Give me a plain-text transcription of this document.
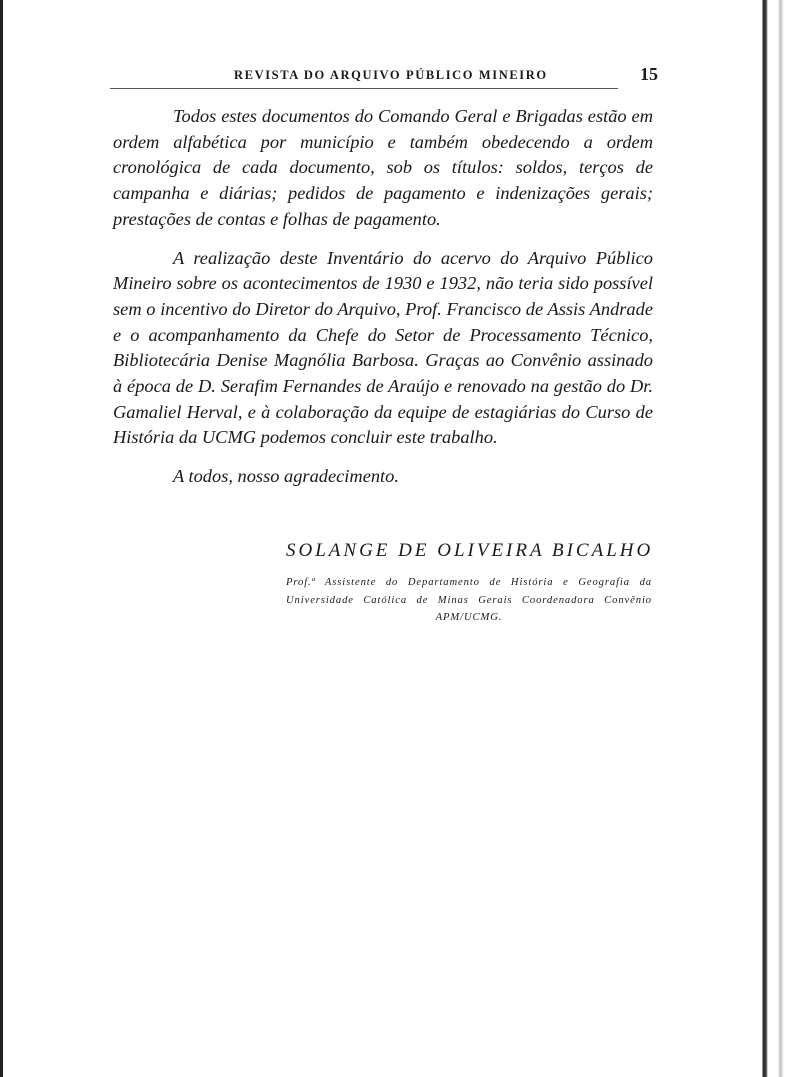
REVISTA DO ARQUIVO PÚBLICO MINEIRO	15

Todos estes documentos do Comando Geral e Brigadas estão em ordem alfabética por município e também obedecendo a ordem cronológica de cada documento, sob os títulos: soldos, terços de campanha e diárias; pedidos de pagamento e indenizações gerais; prestações de contas e folhas de pagamento.

A realização deste Inventário do acervo do Arquivo Público Mineiro sobre os acontecimentos de 1930 e 1932, não teria sido possível sem o incentivo do Diretor do Arquivo, Prof. Francisco de Assis Andrade e o acompanhamento da Chefe do Setor de Processamento Técnico, Bibliotecária Denise Magnólia Barbosa. Graças ao Convênio assinado à época de D. Serafim Fernandes de Araújo e renovado na gestão do Dr. Gamaliel Herval, e à colaboração da equipe de estagiárias do Curso de História da UCMG podemos concluir este trabalho.

A todos, nosso agradecimento.

SOLANGE DE OLIVEIRA BICALHO
Prof.ª Assistente do Departamento de História e Geografia da Universidade Católica de Minas Gerais Coordenadora Convênio APM/UCMG.
